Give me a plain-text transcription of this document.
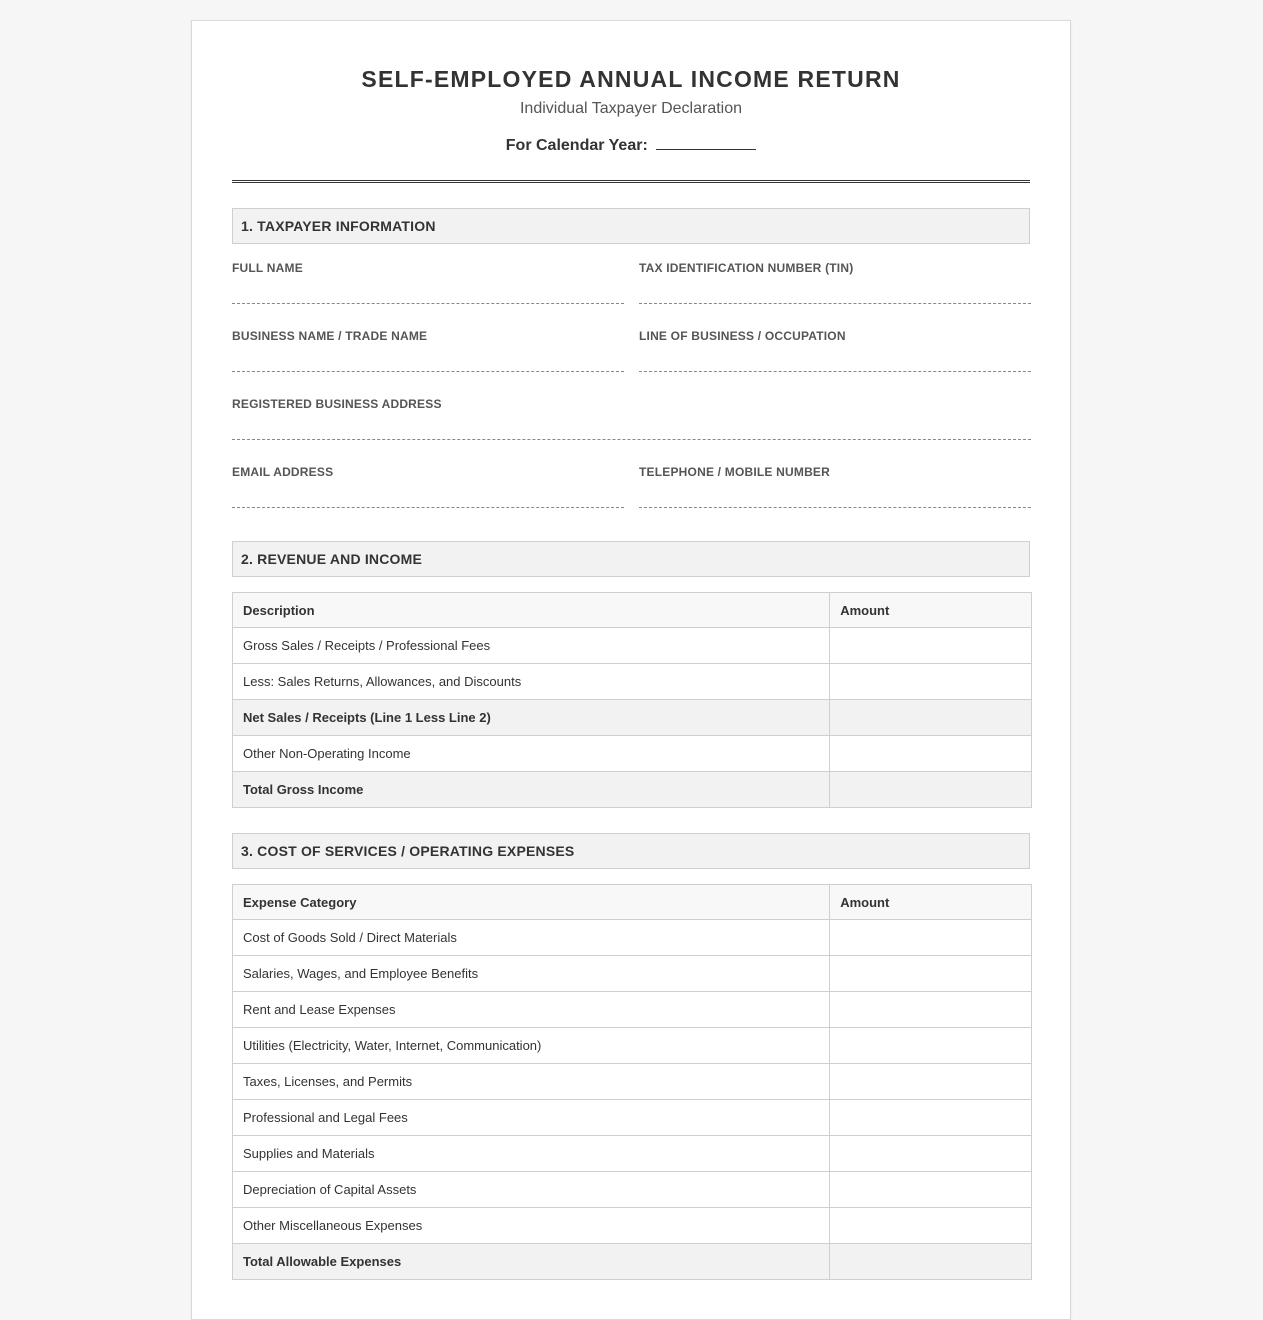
SELF-EMPLOYED ANNUAL INCOME RETURN
Individual Taxpayer Declaration
For Calendar Year:
1. TAXPAYER INFORMATION
FULL NAME	TAX IDENTIFICATION NUMBER (TIN)
BUSINESS NAME / TRADE NAME	LINE OF BUSINESS / OCCUPATION
REGISTERED BUSINESS ADDRESS
EMAIL ADDRESS	TELEPHONE / MOBILE NUMBER
2. REVENUE AND INCOME
Description	Amount
Gross Sales / Receipts / Professional Fees	
Less: Sales Returns, Allowances, and Discounts	
Net Sales / Receipts (Line 1 Less Line 2)	
Other Non-Operating Income	
Total Gross Income	
3. COST OF SERVICES / OPERATING EXPENSES
Expense Category	Amount
Cost of Goods Sold / Direct Materials	
Salaries, Wages, and Employee Benefits	
Rent and Lease Expenses	
Utilities (Electricity, Water, Internet, Communication)	
Taxes, Licenses, and Permits	
Professional and Legal Fees	
Supplies and Materials	
Depreciation of Capital Assets	
Other Miscellaneous Expenses	
Total Allowable Expenses	
